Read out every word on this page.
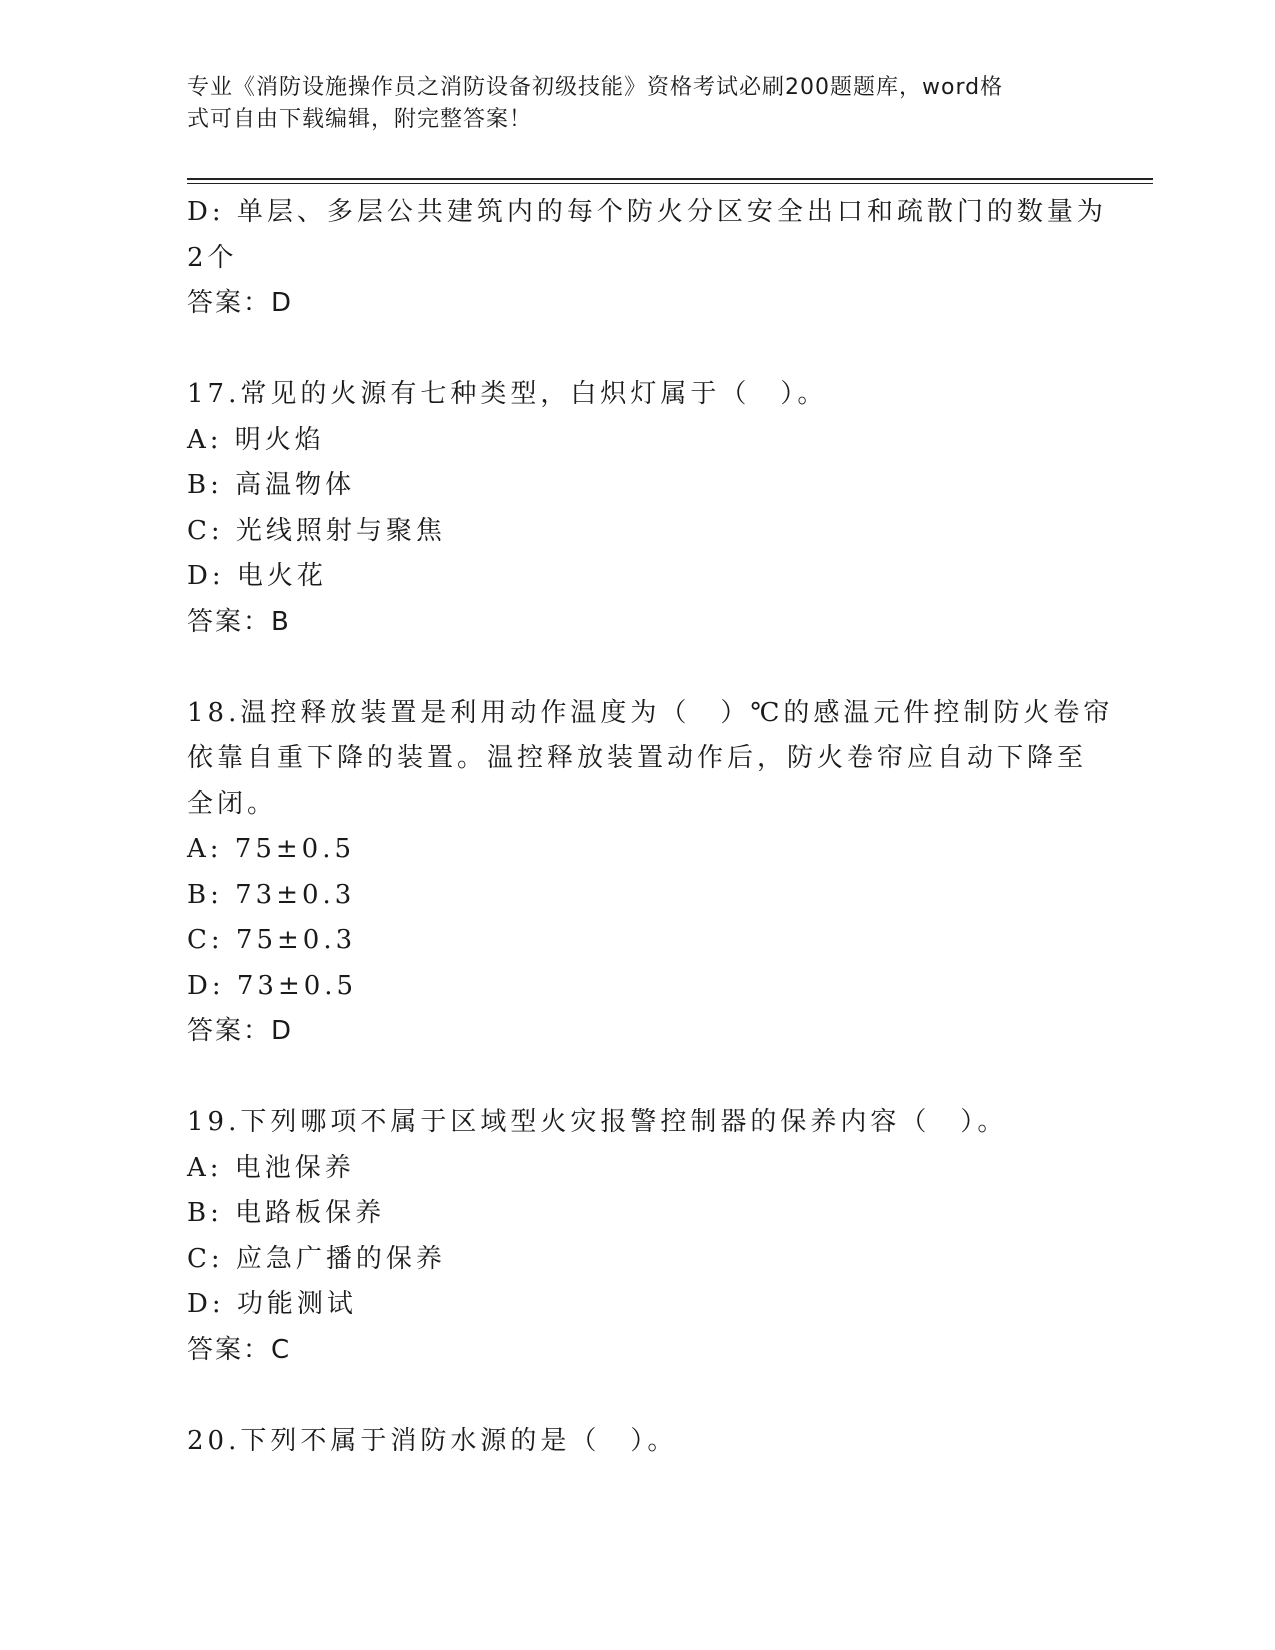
专业《消防设施操作员之消防设备初级技能》资格考试必刷200题题库，word格
式可自由下载编辑，附完整答案！
D: 单层、多层公共建筑内的每个防火分区安全出口和疏散门的数量为
2个
答案：D
17.常见的火源有七种类型，白炽灯属于（　）。
A: 明火焰
B: 高温物体
C: 光线照射与聚焦
D: 电火花
答案：B
18.温控释放装置是利用动作温度为（　）℃的感温元件控制防火卷帘
依靠自重下降的装置。温控释放装置动作后，防火卷帘应自动下降至
全闭。
A: 75±0.5
B: 73±0.3
C: 75±0.3
D: 73±0.5
答案：D
19.下列哪项不属于区域型火灾报警控制器的保养内容（　）。
A: 电池保养
B: 电路板保养
C: 应急广播的保养
D: 功能测试
答案：C
20.下列不属于消防水源的是（　）。
